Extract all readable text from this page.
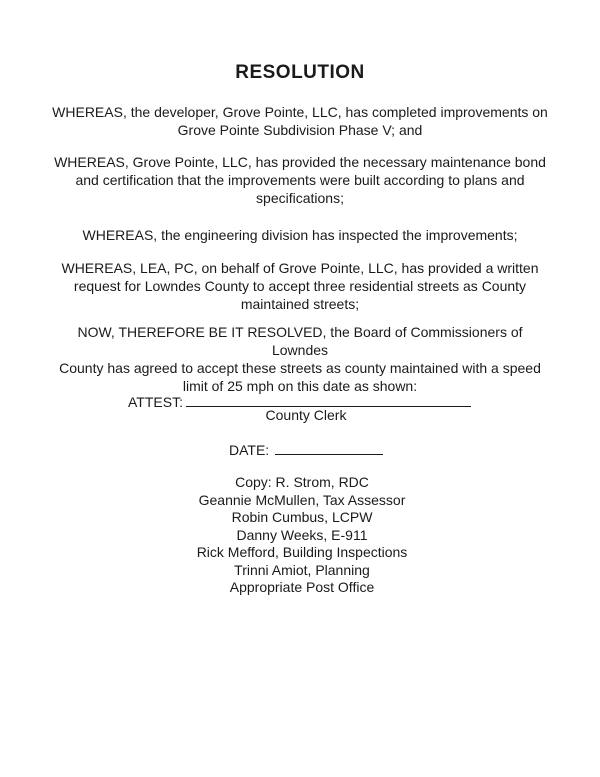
RESOLUTION

WHEREAS, the developer, Grove Pointe, LLC, has completed improvements on
Grove Pointe Subdivision Phase V; and

WHEREAS, Grove Pointe, LLC, has provided the necessary maintenance bond
and certification that the improvements were built according to plans and
specifications;

WHEREAS, the engineering division has inspected the improvements;

WHEREAS, LEA, PC, on behalf of Grove Pointe, LLC, has provided a written
request for Lowndes County to accept three residential streets as County
maintained streets;

NOW, THEREFORE BE IT RESOLVED, the Board of Commissioners of Lowndes
County has agreed to accept these streets as county maintained with a speed
limit of 25 mph on this date as shown:

ATTEST:
County Clerk
DATE:
Copy: R. Strom, RDC
Geannie McMullen, Tax Assessor
Robin Cumbus, LCPW
Danny Weeks, E-911
Rick Mefford, Building Inspections
Trinni Amiot, Planning
Appropriate Post Office
